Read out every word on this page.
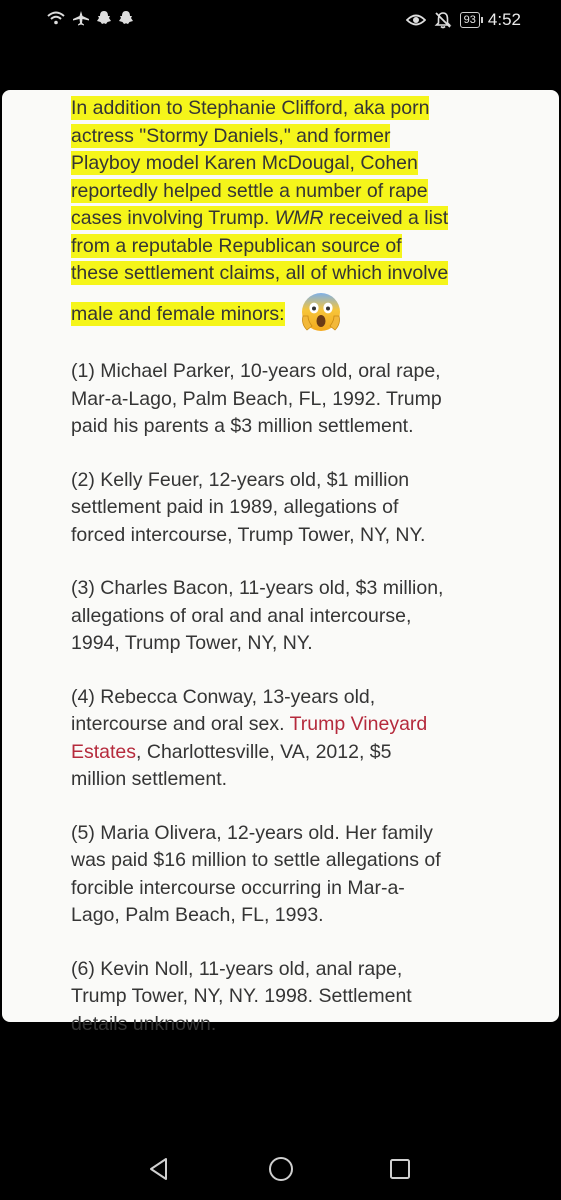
93 4:52

In addition to Stephanie Clifford, aka porn

actress "Stormy Daniels," and former

Playboy model Karen McDougal, Cohen

reportedly helped settle a number of rape

cases involving Trump. WMR received a list

from a reputable Republican source of

these settlement claims, all of which involve

male and female minors:

(1) Michael Parker, 10-years old, oral rape,
Mar-a-Lago, Palm Beach, FL, 1992. Trump
paid his parents a $3 million settlement.

(2) Kelly Feuer, 12-years old, $1 million
settlement paid in 1989, allegations of
forced intercourse, Trump Tower, NY, NY.

(3) Charles Bacon, 11-years old, $3 million,
allegations of oral and anal intercourse,
1994, Trump Tower, NY, NY.

(4) Rebecca Conway, 13-years old,
intercourse and oral sex. Trump Vineyard
Estates, Charlottesville, VA, 2012, $5
million settlement.

(5) Maria Olivera, 12-years old. Her family
was paid $16 million to settle allegations of
forcible intercourse occurring in Mar-a-
Lago, Palm Beach, FL, 1993.

(6) Kevin Noll, 11-years old, anal rape,
Trump Tower, NY, NY. 1998. Settlement
details unknown.
